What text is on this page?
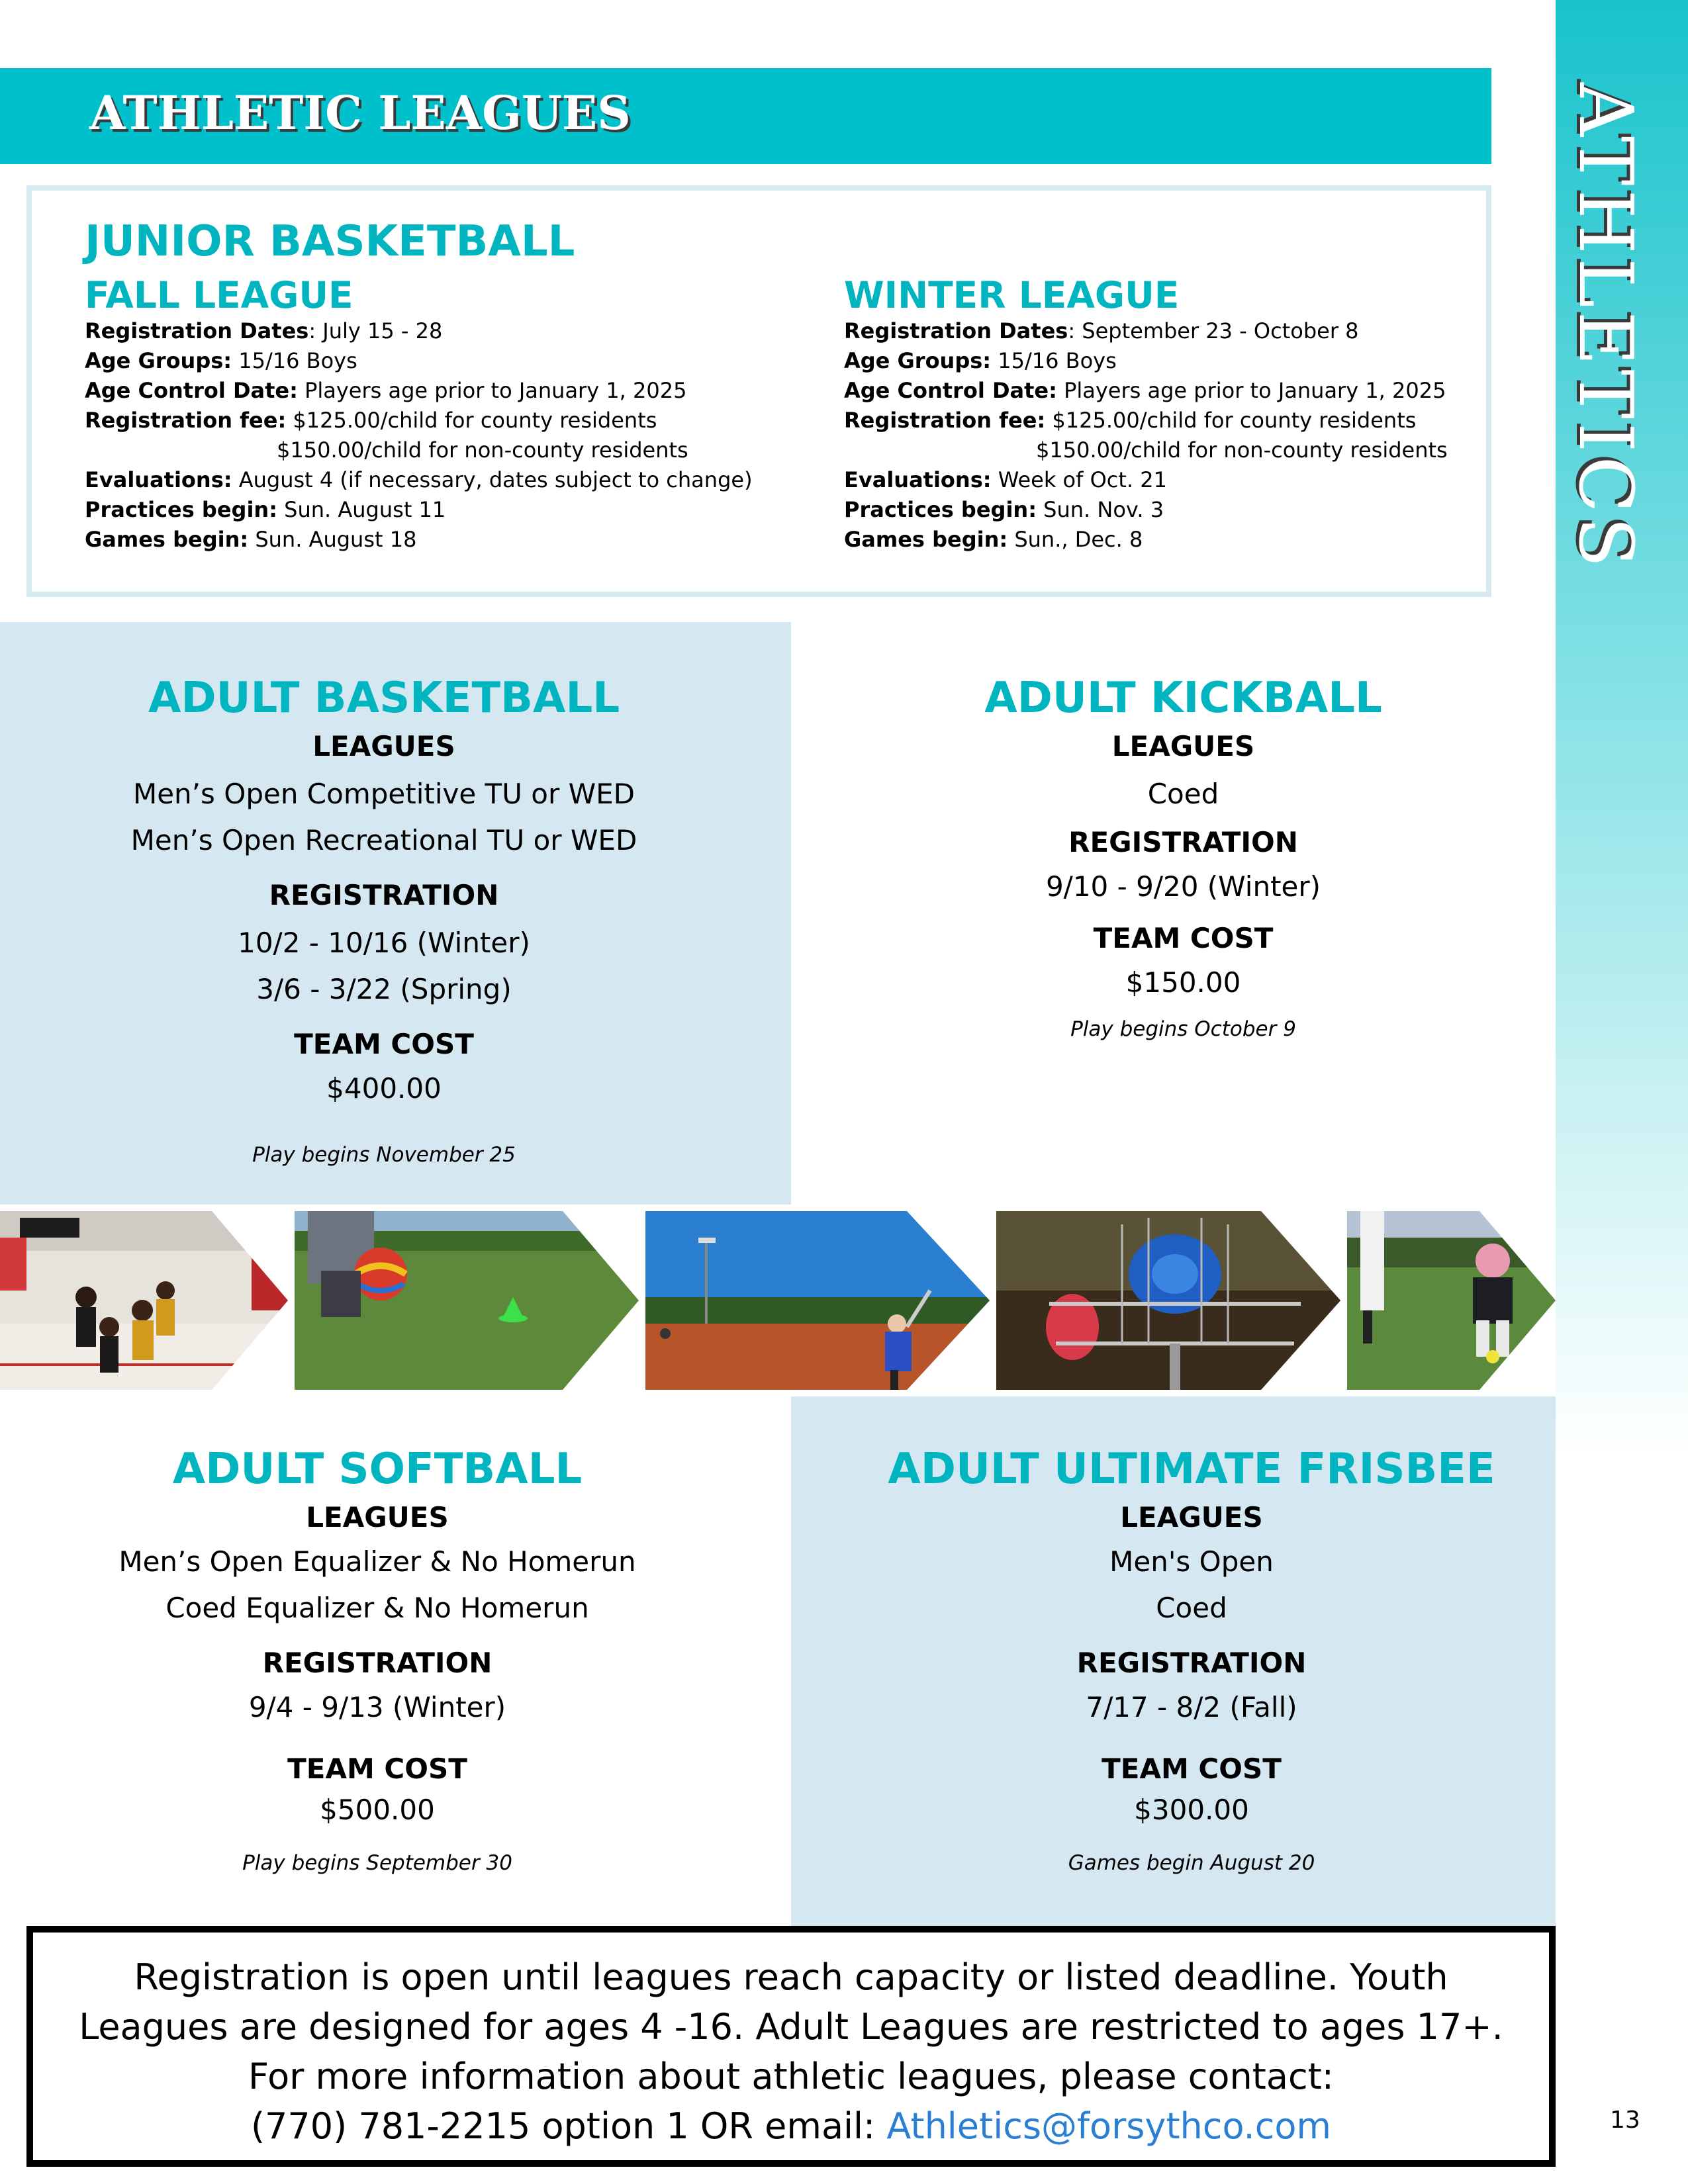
ATHLETICS
ATHLETIC LEAGUES
JUNIOR BASKETBALL
FALL LEAGUE
Registration Dates: July 15 - 28
Age Groups: 15/16 Boys
Age Control Date: Players age prior to January 1, 2025
Registration fee: $125.00/child for county residents
$150.00/child for non-county residents
Evaluations: August 4 (if necessary, dates subject to change)
Practices begin: Sun. August 11
Games begin: Sun. August 18
WINTER LEAGUE
Registration Dates: September 23 - October 8
Age Groups: 15/16 Boys
Age Control Date: Players age prior to January 1, 2025
Registration fee: $125.00/child for county residents
$150.00/child for non-county residents
Evaluations: Week of Oct. 21
Practices begin: Sun. Nov. 3
Games begin: Sun., Dec. 8
ADULT BASKETBALL
LEAGUES
Men’s Open Competitive TU or WED
Men’s Open Recreational TU or WED
REGISTRATION
10/2 - 10/16 (Winter)
3/6 - 3/22 (Spring)
TEAM COST
$400.00
Play begins November 25
ADULT KICKBALL
LEAGUES
Coed
REGISTRATION
9/10 - 9/20 (Winter)
TEAM COST
$150.00
Play begins October 9
ADULT SOFTBALL
LEAGUES
Men’s Open Equalizer & No Homerun
Coed Equalizer & No Homerun
REGISTRATION
9/4 - 9/13 (Winter)
TEAM COST
$500.00
Play begins September 30
ADULT ULTIMATE FRISBEE
LEAGUES
Men's Open
Coed
REGISTRATION
7/17 - 8/2 (Fall)
TEAM COST
$300.00
Games begin August 20
Registration is open until leagues reach capacity or listed deadline. Youth
Leagues are designed for ages 4 -16. Adult Leagues are restricted to ages 17+.
For more information about athletic leagues, please contact:
(770) 781-2215 option 1 OR email: Athletics@forsythco.com	13
